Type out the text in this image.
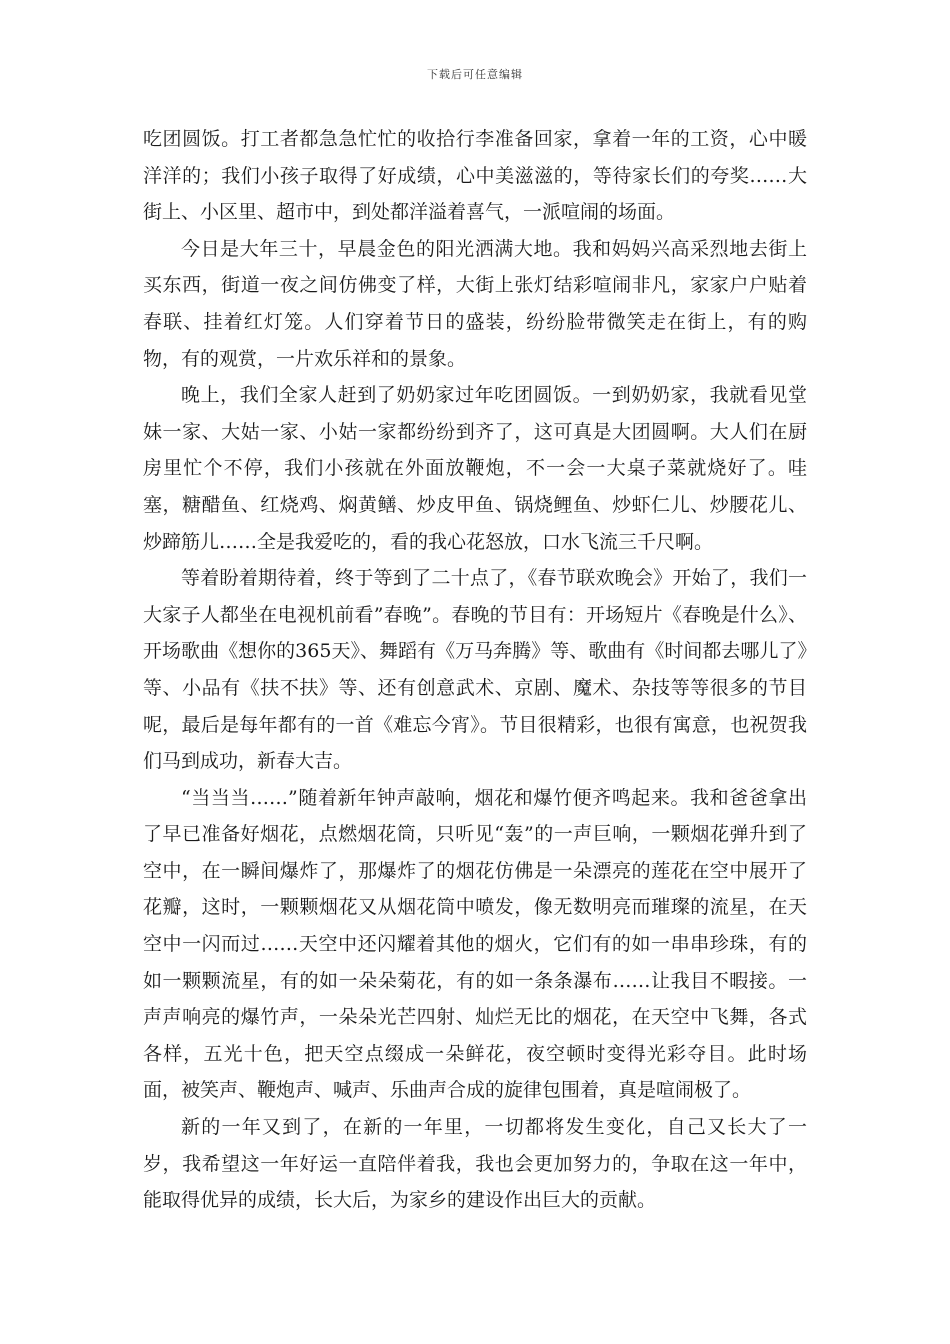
下载后可任意编辑

吃团圆饭。打工者都急急忙忙的收拾行李准备回家，拿着一年的工资，心中暖洋洋的；我们小孩子取得了好成绩，心中美滋滋的，等待家长们的夸奖……大街上、小区里、超市中，到处都洋溢着喜气，一派喧闹的场面。

今日是大年三十，早晨金色的阳光洒满大地。我和妈妈兴高采烈地去街上买东西，街道一夜之间仿佛变了样，大街上张灯结彩喧闹非凡，家家户户贴着春联、挂着红灯笼。人们穿着节日的盛装，纷纷脸带微笑走在街上，有的购物，有的观赏，一片欢乐祥和的景象。

晚上，我们全家人赶到了奶奶家过年吃团圆饭。一到奶奶家，我就看见堂妹一家、大姑一家、小姑一家都纷纷到齐了，这可真是大团圆啊。大人们在厨房里忙个不停，我们小孩就在外面放鞭炮，不一会一大桌子菜就烧好了。哇塞，糖醋鱼、红烧鸡、焖黄鳝、炒皮甲鱼、锅烧鲤鱼、炒虾仁儿、炒腰花儿、炒蹄筋儿……全是我爱吃的，看的我心花怒放，口水飞流三千尺啊。

等着盼着期待着，终于等到了二十点了，《春节联欢晚会》开始了，我们一大家子人都坐在电视机前看”春晚”。春晚的节目有：开场短片《春晚是什么》、开场歌曲《想你的365天》、舞蹈有《万马奔腾》等、歌曲有《时间都去哪儿了》等、小品有《扶不扶》等、还有创意武术、京剧、魔术、杂技等等很多的节目呢，最后是每年都有的一首《难忘今宵》。节目很精彩，也很有寓意，也祝贺我们马到成功，新春大吉。

“当当当……”随着新年钟声敲响，烟花和爆竹便齐鸣起来。我和爸爸拿出了早已准备好烟花，点燃烟花筒，只听见“轰”的一声巨响，一颗烟花弹升到了空中，在一瞬间爆炸了，那爆炸了的烟花仿佛是一朵漂亮的莲花在空中展开了花瓣，这时，一颗颗烟花又从烟花筒中喷发，像无数明亮而璀璨的流星，在天空中一闪而过……天空中还闪耀着其他的烟火，它们有的如一串串珍珠，有的如一颗颗流星，有的如一朵朵菊花，有的如一条条瀑布……让我目不暇接。一声声响亮的爆竹声，一朵朵光芒四射、灿烂无比的烟花，在天空中飞舞，各式各样，五光十色，把天空点缀成一朵鲜花，夜空顿时变得光彩夺目。此时场面，被笑声、鞭炮声、喊声、乐曲声合成的旋律包围着，真是喧闹极了。

新的一年又到了，在新的一年里，一切都将发生变化，自己又长大了一岁，我希望这一年好运一直陪伴着我，我也会更加努力的，争取在这一年中，能取得优异的成绩，长大后，为家乡的建设作出巨大的贡献。
